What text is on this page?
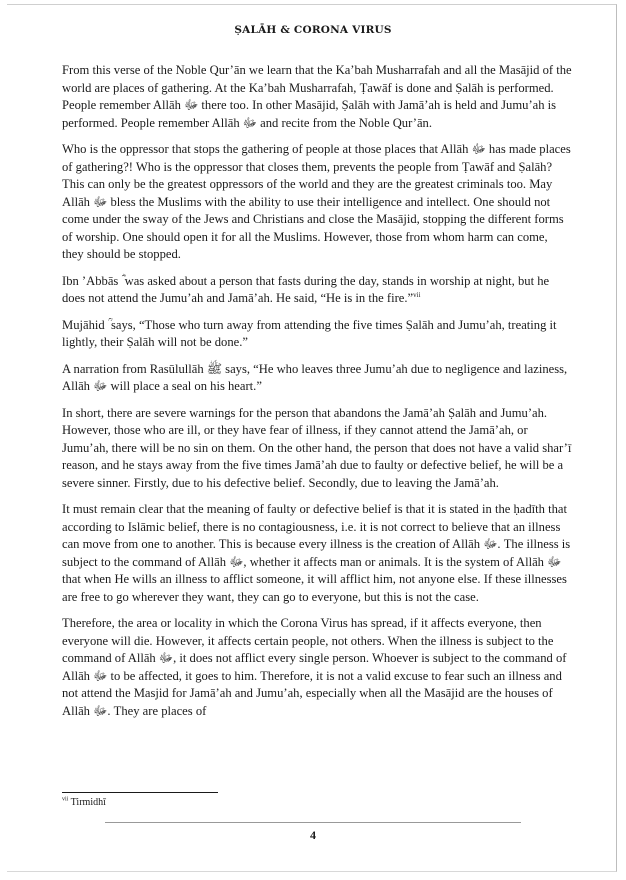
ṢALĀH & CORONA VIRUS

From this verse of the Noble Qur’ān we learn that the Ka’bah Musharrafah and all the Masājid of the world are places of gathering. At the Ka’bah Musharrafah, Ṭawāf is done and Ṣalāh is performed. People remember Allāh ﷻ there too. In other Masājid, Ṣalāh with Jamā’ah is held and Jumu’ah is performed. People remember Allāh ﷻ and recite from the Noble Qur’ān.

Who is the oppressor that stops the gathering of people at those places that Allāh ﷻ has made places of gathering?! Who is the oppressor that closes them, prevents the people from Ṭawāf and Ṣalāh? This can only be the greatest oppressors of the world and they are the greatest criminals too. May Allāh ﷻ bless the Muslims with the ability to use their intelligence and intellect. One should not come under the sway of the Jews and Christians and close the Masājid, stopping the different forms of worship. One should open it for all the Muslims. However, those from whom harm can come, they should be stopped.

Ibn ’Abbās ؓ was asked about a person that fasts during the day, stands in worship at night, but he does not attend the Jumu’ah and Jamā’ah. He said, “He is in the fire.”$^{vii}$

Mujāhid ؒ says, “Those who turn away from attending the five times Ṣalāh and Jumu’ah, treating it lightly, their Ṣalāh will not be done.”

A narration from Rasūlullāh ﷺ says, “He who leaves three Jumu’ah due to negligence and laziness, Allāh ﷻ will place a seal on his heart.”

In short, there are severe warnings for the person that abandons the Jamā’ah Ṣalāh and Jumu’ah. However, those who are ill, or they have fear of illness, if they cannot attend the Jamā’ah, or Jumu’ah, there will be no sin on them. On the other hand, the person that does not have a valid shar’ī reason, and he stays away from the five times Jamā’ah due to faulty or defective belief, he will be a severe sinner. Firstly, due to his defective belief. Secondly, due to leaving the Jamā’ah.

It must remain clear that the meaning of faulty or defective belief is that it is stated in the ḥadīth that according to Islāmic belief, there is no contagiousness, i.e. it is not correct to believe that an illness can move from one to another. This is because every illness is the creation of Allāh ﷻ. The illness is subject to the command of Allāh ﷻ, whether it affects man or animals. It is the system of Allāh ﷻ that when He wills an illness to afflict someone, it will afflict him, not anyone else. If these illnesses are free to go wherever they want, they can go to everyone, but this is not the case.

Therefore, the area or locality in which the Corona Virus has spread, if it affects everyone, then everyone will die. However, it affects certain people, not others. When the illness is subject to the command of Allāh ﷻ, it does not afflict every single person. Whoever is subject to the command of Allāh ﷻ to be affected, it goes to him. Therefore, it is not a valid excuse to fear such an illness and not attend the Masjid for Jamā’ah and Jumu’ah, especially when all the Masājid are the houses of Allāh ﷻ. They are places of

$^{vii}$ Tirmidhī
4
